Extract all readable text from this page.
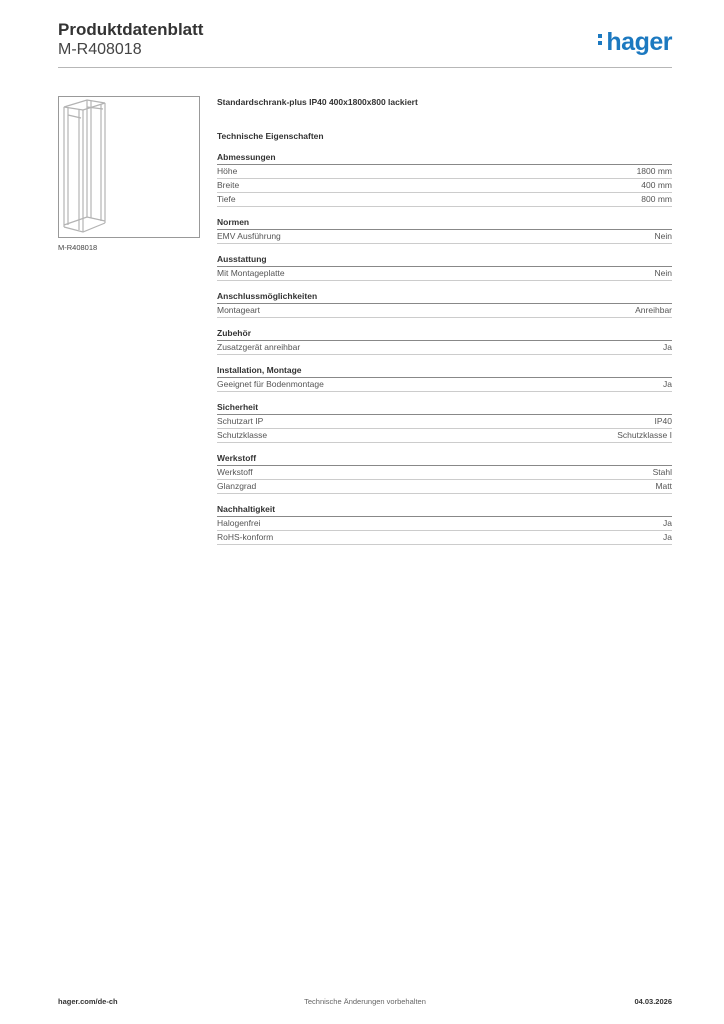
Produktdatenblatt
M-R408018	hager
M-R408018
Standardschrank-plus IP40 400x1800x800 lackiert
Technische Eigenschaften
Abmessungen
Höhe	1800 mm
Breite	400 mm
Tiefe	800 mm
Normen
EMV Ausführung	Nein
Ausstattung
Mit Montageplatte	Nein
Anschlussmöglichkeiten
Montageart	Anreihbar
Zubehör
Zusatzgerät anreihbar	Ja
Installation, Montage
Geeignet für Bodenmontage	Ja
Sicherheit
Schutzart IP	IP40
Schutzklasse	Schutzklasse I
Werkstoff
Werkstoff	Stahl
Glanzgrad	Matt
Nachhaltigkeit
Halogenfrei	Ja
RoHS-konform	Ja
hager.com/de-ch	Technische Änderungen vorbehalten	04.03.2026
